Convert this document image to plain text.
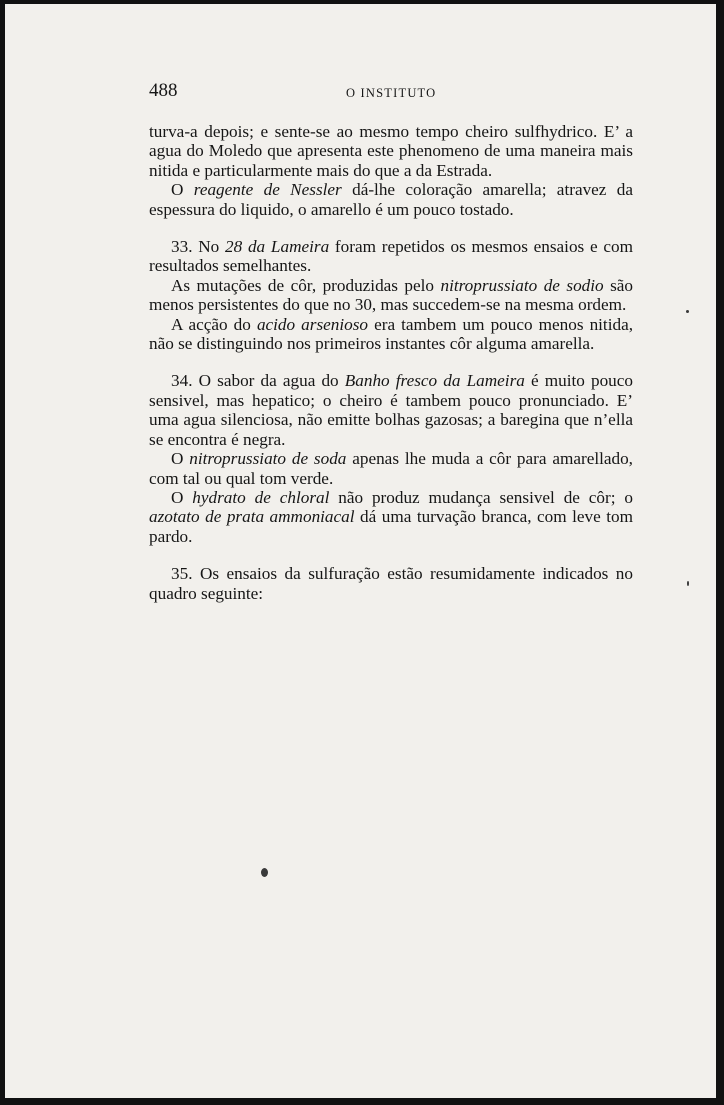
488	O INSTITUTO

turva-a depois; e sente-se ao mesmo tempo cheiro sulfhydrico. E’ a agua do Moledo que apresenta este phenomeno de uma maneira mais nitida e particularmente mais do que a da Estrada.

O reagente de Nessler dá-lhe coloração amarella; atravez da espessura do liquido, o amarello é um pouco tostado.

33. No 28 da Lameira foram repetidos os mesmos ensaios e com resultados semelhantes.

As mutações de côr, produzidas pelo nitroprussiato de sodio são menos persistentes do que no 30, mas succedem-se na mesma ordem.

A acção do acido arsenioso era tambem um pouco menos nitida, não se distinguindo nos primeiros instantes côr alguma amarella.

34. O sabor da agua do Banho fresco da Lameira é muito pouco sensivel, mas hepatico; o cheiro é tambem pouco pronunciado. E’ uma agua silenciosa, não emitte bolhas gazosas; a baregina que n’ella se encontra é negra.

O nitroprussiato de soda apenas lhe muda a côr para amarellado, com tal ou qual tom verde.

O hydrato de chloral não produz mudança sensivel de côr; o azotato de prata ammoniacal dá uma turvação branca, com leve tom pardo.

35. Os ensaios da sulfuração estão resumidamente indicados no quadro seguinte:
